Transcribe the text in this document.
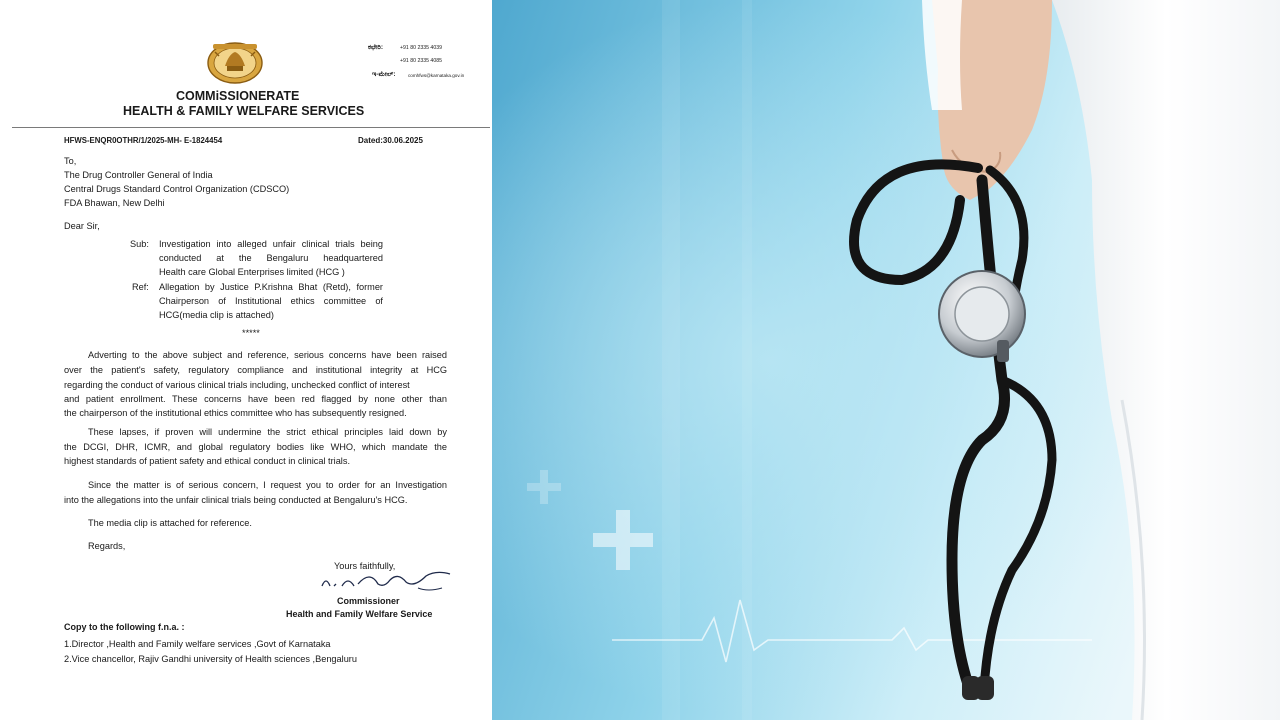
COMMiSSIONERATE

HEALTH & FAMILY WELFARE SERVICES

ಕಛೇರಿ:	+91 80 2335 4039

+91 80 2335 4085

ಇ-ಮೇಲ್:	comhfws@karnataka.gov.in

HFWS-ENQR0OTHR/1/2025-MH- E-1824454	Dated:30.06.2025

To,

The Drug Controller General of India

Central Drugs Standard Control Organization (CDSCO)

FDA Bhawan, New Delhi

Dear Sir,

Sub: Investigation into alleged unfair clinical trials being

conducted at the Bengaluru headquartered

Health care Global Enterprises limited (HCG )

Ref: Allegation by Justice P.Krishna Bhat (Retd), former

Chairperson of Institutional ethics committee of

HCG(media clip is attached)

*****

Adverting to the above subject and reference, serious concerns have been raised

over the patient's safety, regulatory compliance and institutional integrity at HCG

regarding the conduct of various clinical trials including, unchecked conflict of interest

and patient enrollment. These concerns have been red flagged by none other than

the chairperson of the institutional ethics committee who has subsequently resigned.

These lapses, if proven will undermine the strict ethical principles laid down by

the DCGI, DHR, ICMR, and global regulatory bodies like WHO, which mandate the

highest standards of patient safety and ethical conduct in clinical trials.

Since the matter is of serious concern, I request you to order for an Investigation

into the allegations into the unfair clinical trials being conducted at Bengaluru's HCG.

The media clip is attached for reference.

Regards,

Yours faithfully,

Commissioner

Health and Family Welfare Service

Copy to the following f.n.a. :

1.Director ,Health and Family welfare services ,Govt of Karnataka

2.Vice chancellor, Rajiv Gandhi university of Health sciences ,Bengaluru
